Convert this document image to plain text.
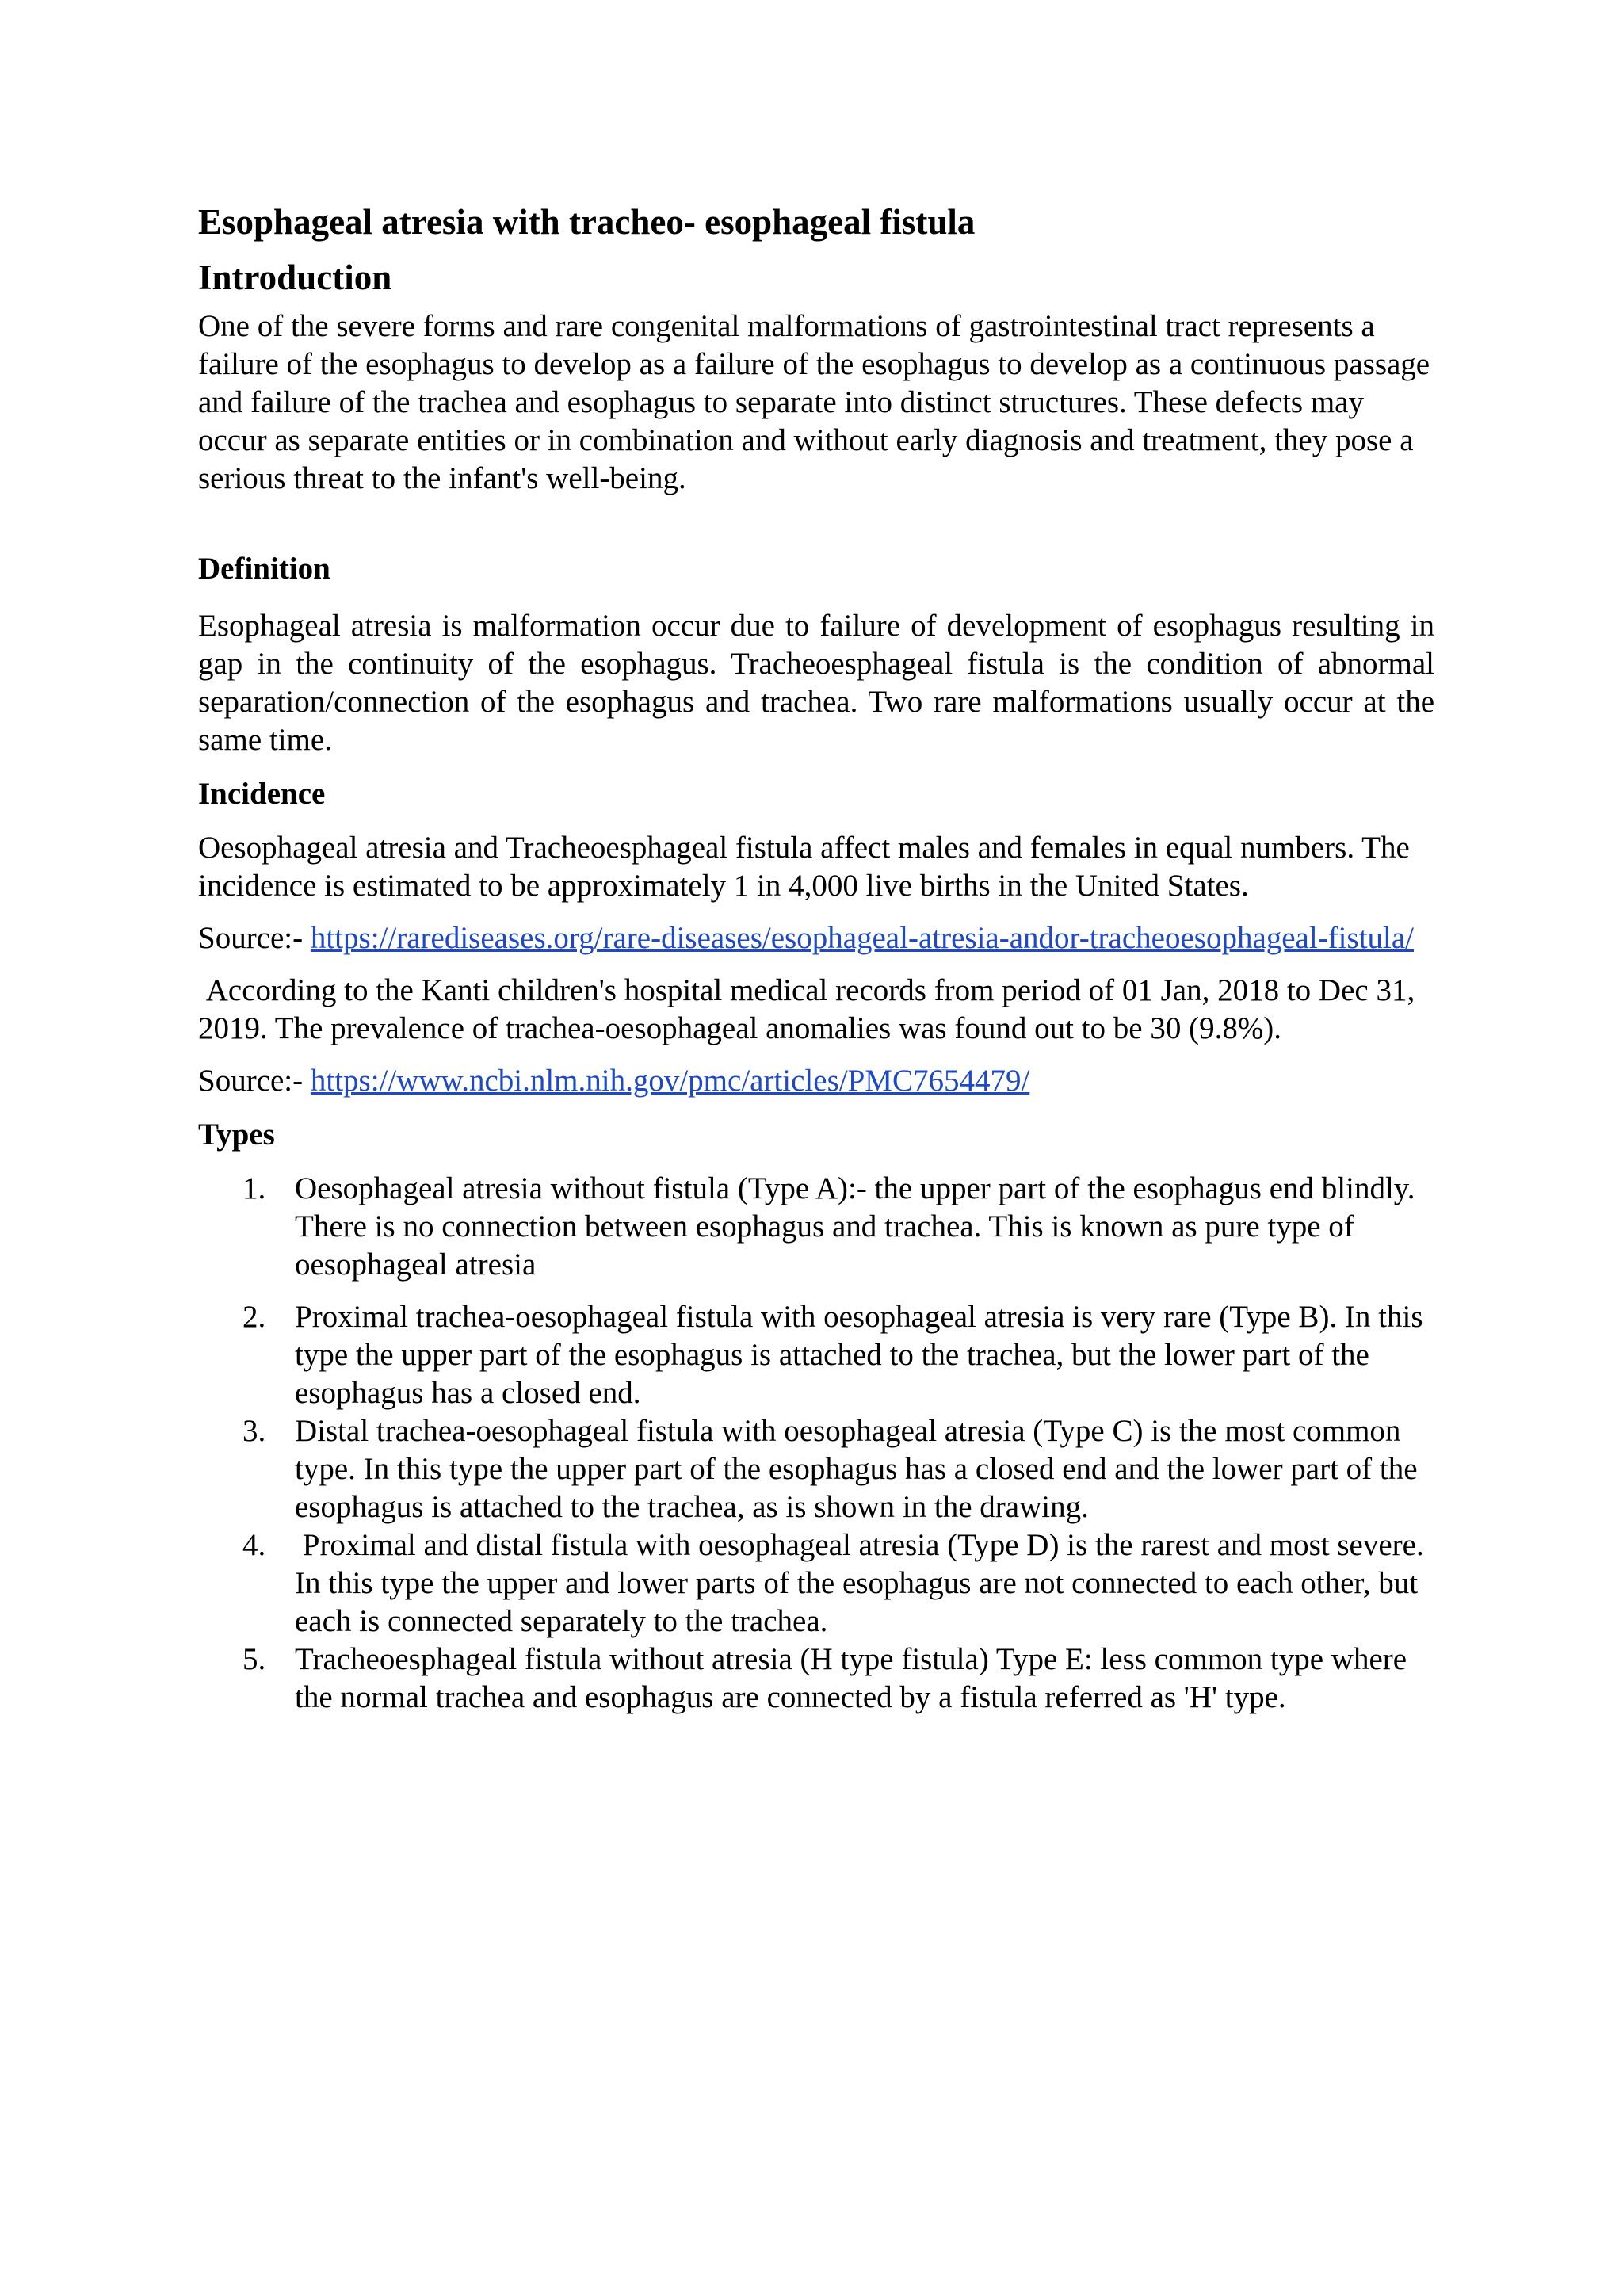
Esophageal atresia with tracheo- esophageal fistula
Introduction

One of the severe forms and rare congenital malformations of gastrointestinal tract represents a failure of the esophagus to develop as a failure of the esophagus to develop as a continuous passage and failure of the trachea and esophagus to separate into distinct structures. These defects may occur as separate entities or in combination and without early diagnosis and treatment, they pose a serious threat to the infant's well-being.

Definition

Esophageal atresia is malformation occur due to failure of development of esophagus resulting in gap in the continuity of the esophagus. Tracheoesphageal fistula is the condition of abnormal separation/connection of the esophagus and trachea. Two rare malformations usually occur at the same time.

Incidence

Oesophageal atresia and Tracheoesphageal fistula affect males and females in equal numbers. The incidence is estimated to be approximately 1 in 4,000 live births in the United States.

Source:- https://rarediseases.org/rare-diseases/esophageal-atresia-andor-tracheoesophageal-fistula/

According to the Kanti children's hospital medical records from period of 01 Jan, 2018 to Dec 31, 2019. The prevalence of trachea-oesophageal anomalies was found out to be 30 (9.8%).

Source:- https://www.ncbi.nlm.nih.gov/pmc/articles/PMC7654479/

Types
1. Oesophageal atresia without fistula (Type A):- the upper part of the esophagus end blindly. There is no connection between esophagus and trachea. This is known as pure type of oesophageal atresia
2. Proximal trachea-oesophageal fistula with oesophageal atresia is very rare (Type B). In this type the upper part of the esophagus is attached to the trachea, but the lower part of the esophagus has a closed end.
3. Distal trachea-oesophageal fistula with oesophageal atresia (Type C) is the most common type. In this type the upper part of the esophagus has a closed end and the lower part of the esophagus is attached to the trachea, as is shown in the drawing.
4. Proximal and distal fistula with oesophageal atresia (Type D) is the rarest and most severe. In this type the upper and lower parts of the esophagus are not connected to each other, but each is connected separately to the trachea.
5. Tracheoesphageal fistula without atresia (H type fistula) Type E: less common type where the normal trachea and esophagus are connected by a fistula referred as 'H' type.
